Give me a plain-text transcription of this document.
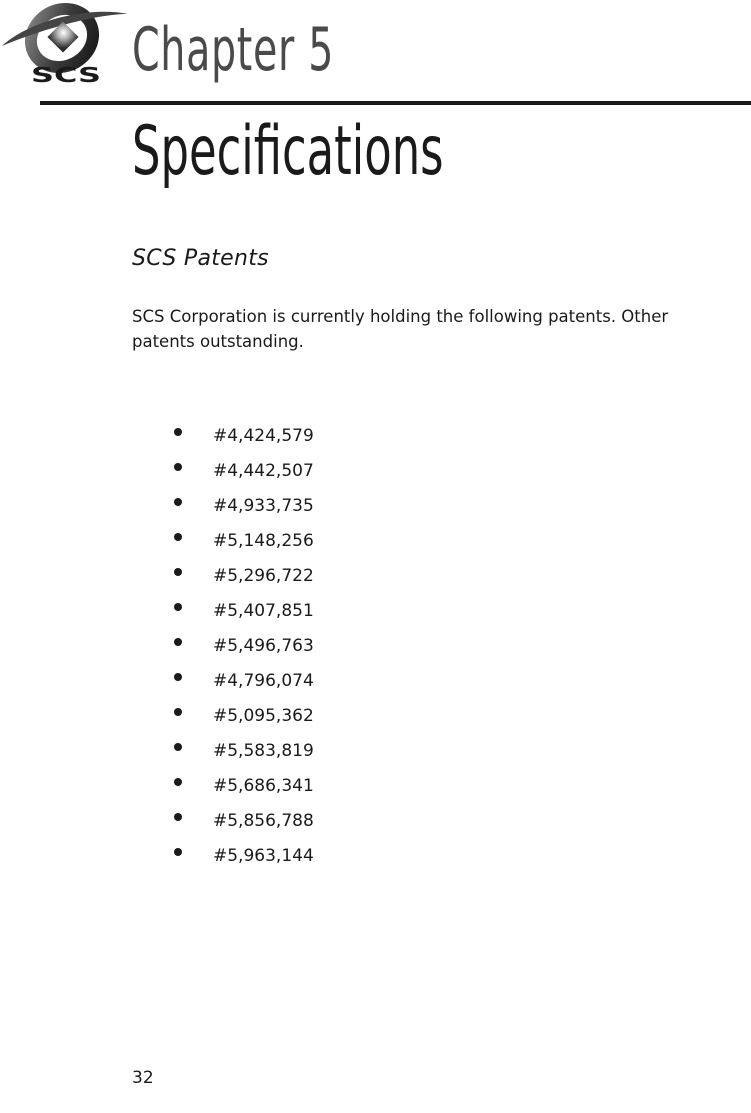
SCS Chapter 5
Specifications
SCS Patents
SCS Corporation is currently holding the following patents. Other patents outstanding.
#4,424,579
#4,442,507
#4,933,735
#5,148,256
#5,296,722
#5,407,851
#5,496,763
#4,796,074
#5,095,362
#5,583,819
#5,686,341
#5,856,788
#5,963,144
32
